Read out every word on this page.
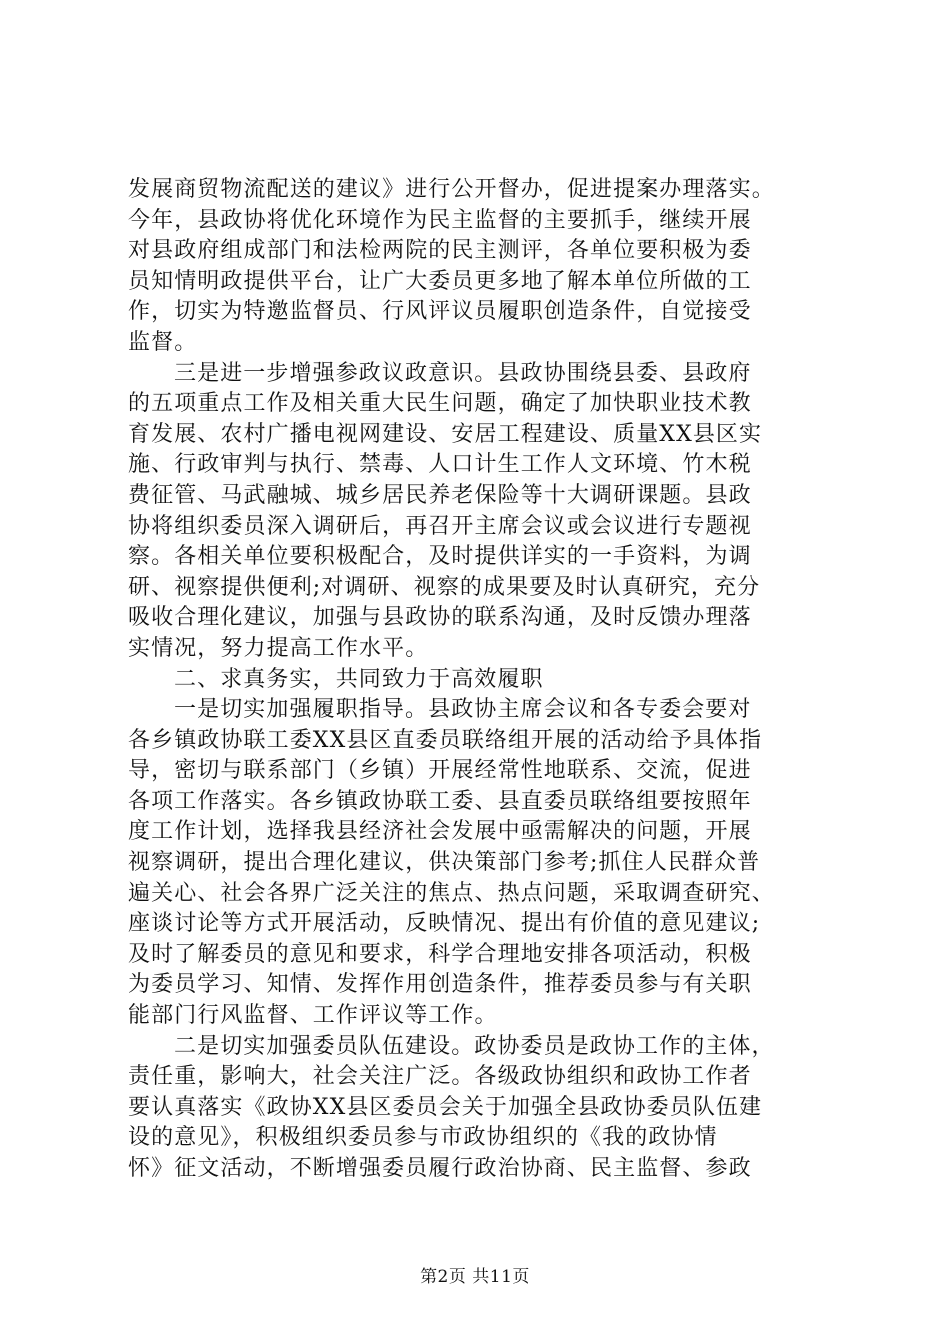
发展商贸物流配送的建议》进行公开督办，促进提案办理落实。
今年，县政协将优化环境作为民主监督的主要抓手，继续开展
对县政府组成部门和法检两院的民主测评，各单位要积极为委
员知情明政提供平台，让广大委员更多地了解本单位所做的工
作，切实为特邀监督员、行风评议员履职创造条件，自觉接受
监督。
三是进一步增强参政议政意识。县政协围绕县委、县政府
的五项重点工作及相关重大民生问题，确定了加快职业技术教
育发展、农村广播电视网建设、安居工程建设、质量XX县区实
施、行政审判与执行、禁毒、人口计生工作人文环境、竹木税
费征管、马武融城、城乡居民养老保险等十大调研课题。县政
协将组织委员深入调研后，再召开主席会议或会议进行专题视
察。各相关单位要积极配合，及时提供详实的一手资料，为调
研、视察提供便利;对调研、视察的成果要及时认真研究，充分
吸收合理化建议，加强与县政协的联系沟通，及时反馈办理落
实情况，努力提高工作水平。
二、求真务实，共同致力于高效履职
一是切实加强履职指导。县政协主席会议和各专委会要对
各乡镇政协联工委XX县区直委员联络组开展的活动给予具体指
导，密切与联系部门（乡镇）开展经常性地联系、交流，促进
各项工作落实。各乡镇政协联工委、县直委员联络组要按照年
度工作计划，选择我县经济社会发展中亟需解决的问题，开展
视察调研，提出合理化建议，供决策部门参考;抓住人民群众普
遍关心、社会各界广泛关注的焦点、热点问题，采取调查研究、
座谈讨论等方式开展活动，反映情况、提出有价值的意见建议;
及时了解委员的意见和要求，科学合理地安排各项活动，积极
为委员学习、知情、发挥作用创造条件，推荐委员参与有关职
能部门行风监督、工作评议等工作。
二是切实加强委员队伍建设。政协委员是政协工作的主体，
责任重，影响大，社会关注广泛。各级政协组织和政协工作者
要认真落实《政协XX县区委员会关于加强全县政协委员队伍建
设的意见》，积极组织委员参与市政协组织的《我的政协情
怀》征文活动，不断增强委员履行政治协商、民主监督、参政
第2页 共11页
